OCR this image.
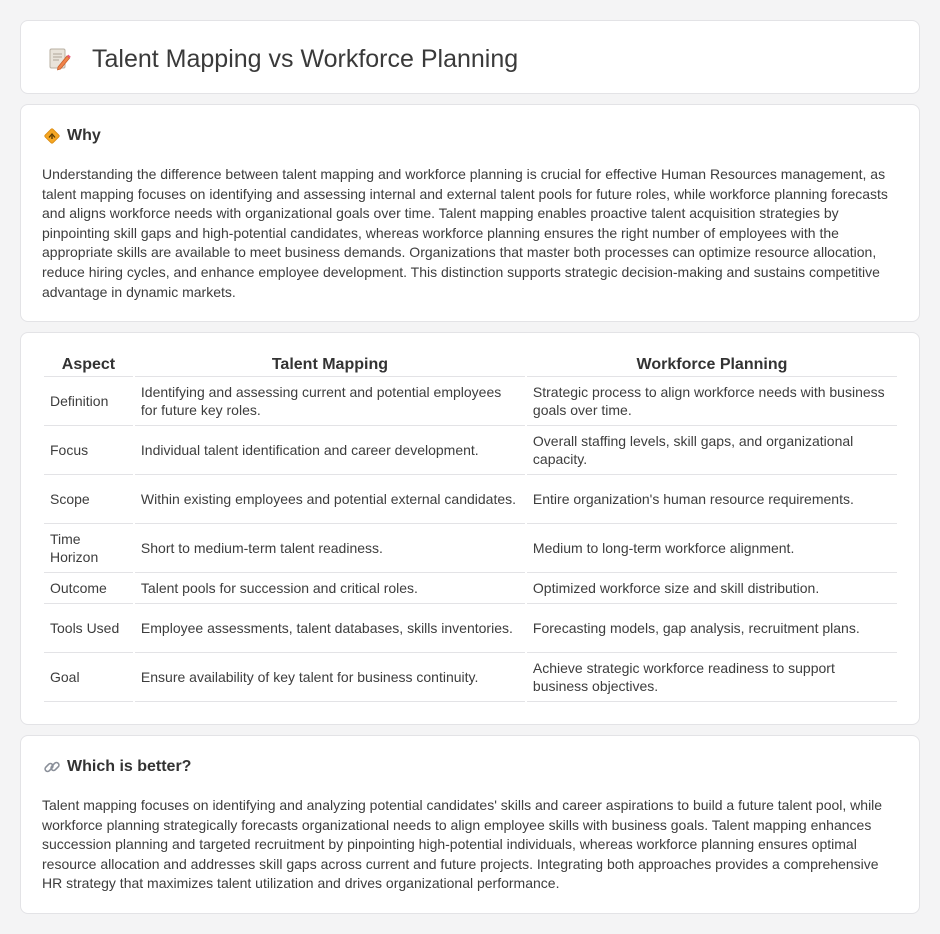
Talent Mapping vs Workforce Planning
Why

Understanding the difference between talent mapping and workforce planning is crucial for effective Human Resources management, as talent mapping focuses on identifying and assessing internal and external talent pools for future roles, while workforce planning forecasts and aligns workforce needs with organizational goals over time. Talent mapping enables proactive talent acquisition strategies by pinpointing skill gaps and high-potential candidates, whereas workforce planning ensures the right number of employees with the appropriate skills are available to meet business demands. Organizations that master both processes can optimize resource allocation, reduce hiring cycles, and enhance employee development. This distinction supports strategic decision-making and sustains competitive advantage in dynamic markets.

Aspect	Talent Mapping	Workforce Planning
Definition	Identifying and assessing current and potential employees for future key roles.	Strategic process to align workforce needs with business goals over time.
Focus	Individual talent identification and career development.	Overall staffing levels, skill gaps, and organizational capacity.
Scope	Within existing employees and potential external candidates.	Entire organization's human resource requirements.
Time Horizon	Short to medium-term talent readiness.	Medium to long-term workforce alignment.
Outcome	Talent pools for succession and critical roles.	Optimized workforce size and skill distribution.
Tools Used	Employee assessments, talent databases, skills inventories.	Forecasting models, gap analysis, recruitment plans.
Goal	Ensure availability of key talent for business continuity.	Achieve strategic workforce readiness to support business objectives.
Which is better?

Talent mapping focuses on identifying and analyzing potential candidates' skills and career aspirations to build a future talent pool, while workforce planning strategically forecasts organizational needs to align employee skills with business goals. Talent mapping enhances succession planning and targeted recruitment by pinpointing high-potential individuals, whereas workforce planning ensures optimal resource allocation and addresses skill gaps across current and future projects. Integrating both approaches provides a comprehensive HR strategy that maximizes talent utilization and drives organizational performance.
